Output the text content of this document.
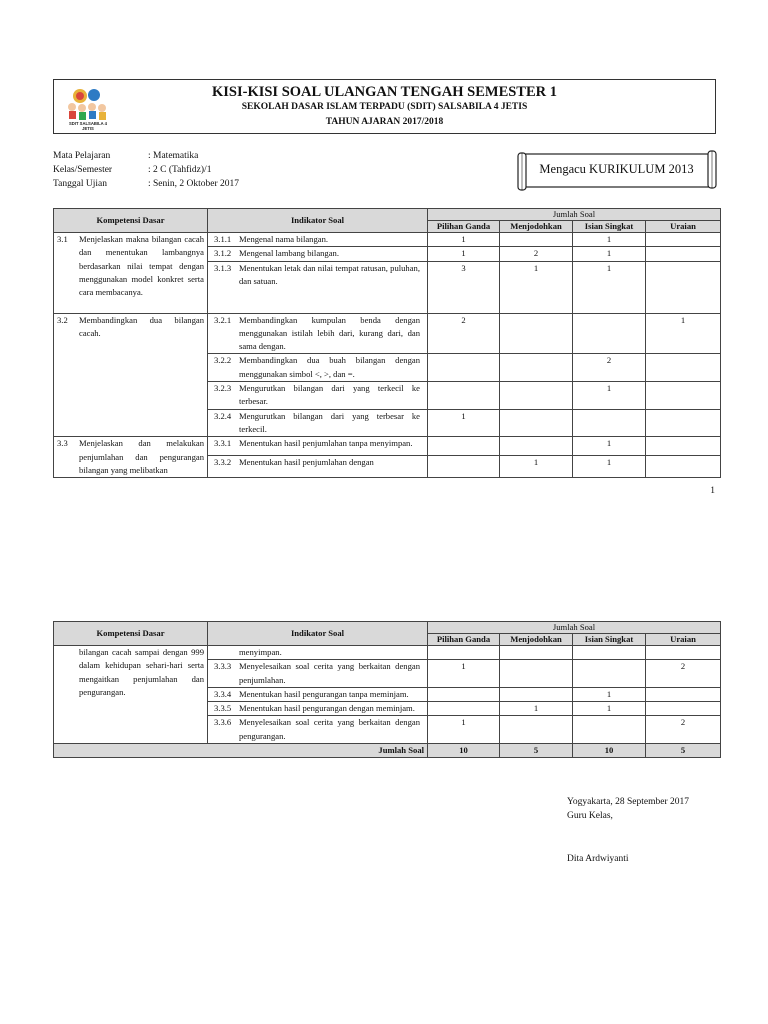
SDIT SALSABILA 4
JETIS
KISI-KISI SOAL ULANGAN TENGAH SEMESTER 1
SEKOLAH DASAR ISLAM TERPADU (SDIT) SALSABILA 4 JETIS
TAHUN AJARAN 2017/2018
Mata Pelajaran	: Matematika
Kelas/Semester	: 2 C (Tahfidz)/1
Tanggal Ujian	: Senin, 2 Oktober 2017
Mengacu KURIKULUM 2013
Kompetensi Dasar	Indikator Soal	Jumlah Soal			
		Pilihan Ganda	Menjodohkan	Isian Singkat	Uraian

3.1 Menjelaskan makna bilangan cacah dan menentukan lambangnya berdasarkan nilai tempat dengan menggunakan model konkret serta cara membacanya.	3.1.1 Mengenal nama bilangan.	1		1	

	3.1.2 Mengenal lambang bilangan.	1	2	1	

	3.1.3 Menentukan letak dan nilai tempat ratusan, puluhan, dan satuan.	3	1	1	

3.2 Membandingkan dua bilangan cacah.	3.2.1 Membandingkan kumpulan benda dengan menggunakan istilah lebih dari, kurang dari, dan sama dengan.	2			1

	3.2.2 Membandingkan dua buah bilangan dengan menggunakan simbol <, >, dan =.			2	

	3.2.3 Mengurutkan bilangan dari yang terkecil ke terbesar.			1	

	3.2.4 Mengurutkan bilangan dari yang terbesar ke terkecil.	1			

3.3 Menjelaskan dan melakukan penjumlahan dan pengurangan bilangan yang melibatkan	3.3.1 Menentukan hasil penjumlahan tanpa menyimpan.			1	

	3.3.2 Menentukan hasil penjumlahan dengan		1	1	
1
Kompetensi Dasar	Indikator Soal	Jumlah Soal			
		Pilihan Ganda	Menjodohkan	Isian Singkat	Uraian

bilangan cacah sampai dengan 999 dalam kehidupan sehari-hari serta mengaitkan penjumlahan dan pengurangan.	menyimpan.				

	3.3.3 Menyelesaikan soal cerita yang berkaitan dengan penjumlahan.	1			2

	3.3.4 Menentukan hasil pengurangan tanpa meminjam.			1	

	3.3.5 Menentukan hasil pengurangan dengan meminjam.		1	1	

	3.3.6 Menyelesaikan soal cerita yang berkaitan dengan pengurangan.	1			2
Jumlah Soal		10	5	10	5
Yogyakarta, 28 September 2017
Guru Kelas,
Dita Ardwiyanti
